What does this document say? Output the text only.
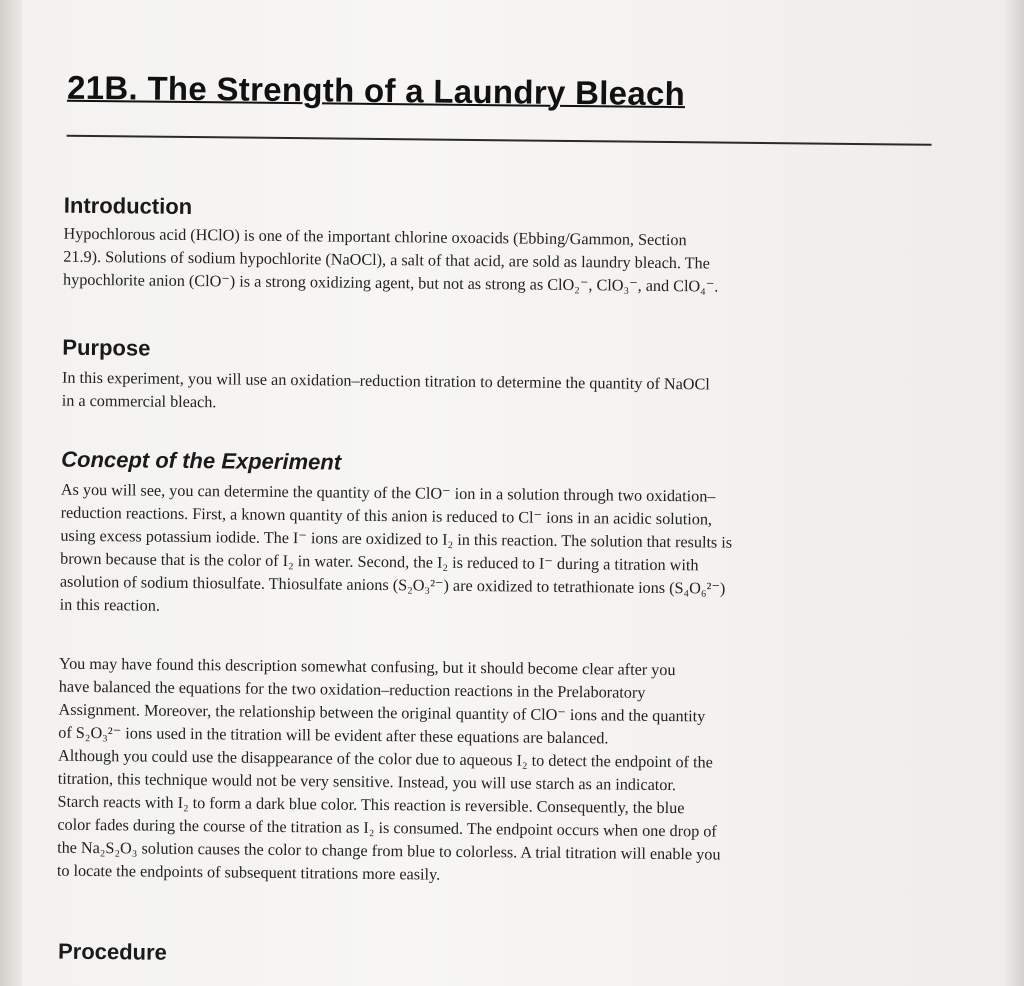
21B. The Strength of a Laundry Bleach
Introduction
Hypochlorous acid (HClO) is one of the important chlorine oxoacids (Ebbing/Gammon, Section
21.9). Solutions of sodium hypochlorite (NaOCl), a salt of that acid, are sold as laundry bleach. The
hypochlorite anion (ClO⁻) is a strong oxidizing agent, but not as strong as ClO₂⁻, ClO₃⁻, and ClO₄⁻.
Purpose
In this experiment, you will use an oxidation–reduction titration to determine the quantity of NaOCl
in a commercial bleach.
Concept of the Experiment
As you will see, you can determine the quantity of the ClO⁻ ion in a solution through two oxidation–
reduction reactions. First, a known quantity of this anion is reduced to Cl⁻ ions in an acidic solution,
using excess potassium iodide. The I⁻ ions are oxidized to I₂ in this reaction. The solution that results is
brown because that is the color of I₂ in water. Second, the I₂ is reduced to I⁻ during a titration with
asolution of sodium thiosulfate. Thiosulfate anions (S₂O₃²⁻) are oxidized to tetrathionate ions (S₄O₆²⁻)
in this reaction.
You may have found this description somewhat confusing, but it should become clear after you
have balanced the equations for the two oxidation–reduction reactions in the Prelaboratory
Assignment. Moreover, the relationship between the original quantity of ClO⁻ ions and the quantity
of S₂O₃²⁻ ions used in the titration will be evident after these equations are balanced.
Although you could use the disappearance of the color due to aqueous I₂ to detect the endpoint of the
titration, this technique would not be very sensitive. Instead, you will use starch as an indicator.
Starch reacts with I₂ to form a dark blue color. This reaction is reversible. Consequently, the blue
color fades during the course of the titration as I₂ is consumed. The endpoint occurs when one drop of
the Na₂S₂O₃ solution causes the color to change from blue to colorless. A trial titration will enable you
to locate the endpoints of subsequent titrations more easily.
Procedure
